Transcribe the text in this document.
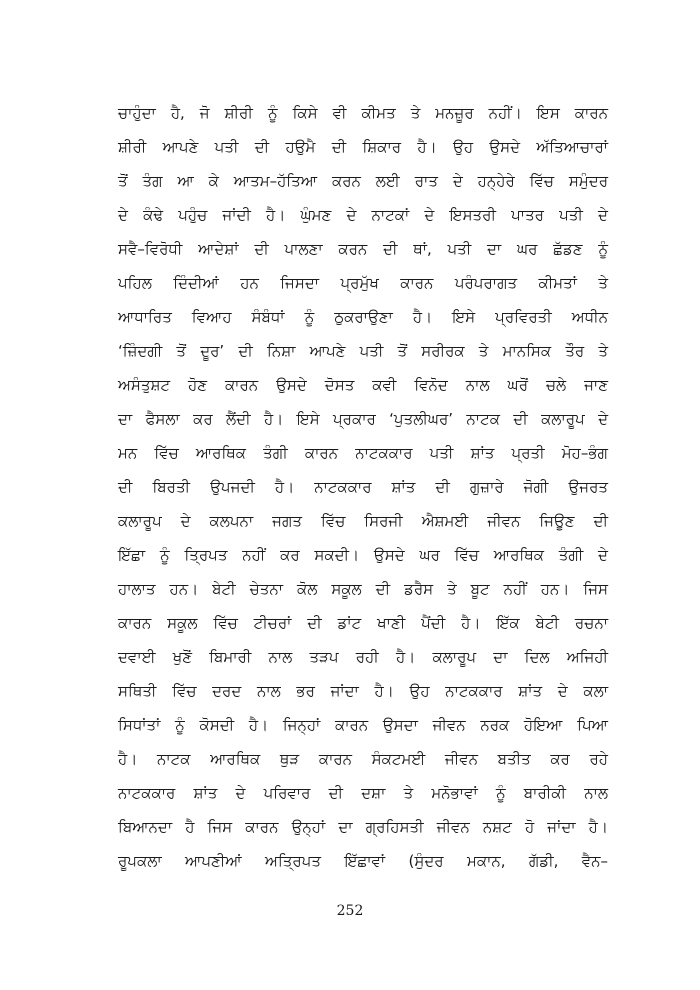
ਚਾਹੁੰਦਾ ਹੈ, ਜੋ ਸ਼ੀਰੀ ਨੂੰ ਕਿਸੇ ਵੀ ਕੀਮਤ ਤੇ ਮਨਜ਼ੂਰ ਨਹੀਂ। ਇਸ ਕਾਰਨ
ਸ਼ੀਰੀ ਆਪਣੇ ਪਤੀ ਦੀ ਹਉਮੈ ਦੀ ਸ਼ਿਕਾਰ ਹੈ। ਉਹ ਉਸਦੇ ਅੱਤਿਆਚਾਰਾਂ
ਤੋਂ ਤੰਗ ਆ ਕੇ ਆਤਮ–ਹੱਤਿਆ ਕਰਨ ਲਈ ਰਾਤ ਦੇ ਹਨ੍ਹੇਰੇ ਵਿੱਚ ਸਮੁੰਦਰ
ਦੇ ਕੰਢੇ ਪਹੁੰਚ ਜਾਂਦੀ ਹੈ। ਘੁੰਮਣ ਦੇ ਨਾਟਕਾਂ ਦੇ ਇਸਤਰੀ ਪਾਤਰ ਪਤੀ ਦੇ
ਸਵੈ–ਵਿਰੋਧੀ ਆਦੇਸ਼ਾਂ ਦੀ ਪਾਲਣਾ ਕਰਨ ਦੀ ਥਾਂ, ਪਤੀ ਦਾ ਘਰ ਛੱਡਣ ਨੂੰ
ਪਹਿਲ ਦਿੰਦੀਆਂ ਹਨ ਜਿਸਦਾ ਪ੍ਰਮੁੱਖ ਕਾਰਨ ਪਰੰਪਰਾਗਤ ਕੀਮਤਾਂ ਤੇ
ਆਧਾਰਿਤ ਵਿਆਹ ਸੰਬੰਧਾਂ ਨੂੰ ਠੁਕਰਾਉਣਾ ਹੈ। ਇਸੇ ਪ੍ਰਵਿਰਤੀ ਅਧੀਨ
‘ਜ਼ਿੰਦਗੀ ਤੋਂ ਦੂਰ’ ਦੀ ਨਿਸ਼ਾ ਆਪਣੇ ਪਤੀ ਤੋਂ ਸਰੀਰਕ ਤੇ ਮਾਨਸਿਕ ਤੌਰ ਤੇ
ਅਸੰਤੁਸ਼ਟ ਹੋਣ ਕਾਰਨ ਉਸਦੇ ਦੋਸਤ ਕਵੀ ਵਿਨੋਦ ਨਾਲ ਘਰੋਂ ਚਲੇ ਜਾਣ
ਦਾ ਫੈਸਲਾ ਕਰ ਲੈਂਦੀ ਹੈ। ਇਸੇ ਪ੍ਰਕਾਰ ‘ਪੁਤਲੀਘਰ’ ਨਾਟਕ ਦੀ ਕਲਾਰੂਪ ਦੇ
ਮਨ ਵਿੱਚ ਆਰਥਿਕ ਤੰਗੀ ਕਾਰਨ ਨਾਟਕਕਾਰ ਪਤੀ ਸ਼ਾਂਤ ਪ੍ਰਤੀ ਮੋਹ–ਭੰਗ
ਦੀ ਬਿਰਤੀ ਉਪਜਦੀ ਹੈ। ਨਾਟਕਕਾਰ ਸ਼ਾਂਤ ਦੀ ਗੁਜ਼ਾਰੇ ਜੋਗੀ ਉਜਰਤ
ਕਲਾਰੂਪ ਦੇ ਕਲਪਨਾ ਜਗਤ ਵਿੱਚ ਸਿਰਜੀ ਐਸ਼ਮਈ ਜੀਵਨ ਜਿਊਣ ਦੀ
ਇੱਛਾ ਨੂੰ ਤ੍ਰਿਪਤ ਨਹੀਂ ਕਰ ਸਕਦੀ। ਉਸਦੇ ਘਰ ਵਿੱਚ ਆਰਥਿਕ ਤੰਗੀ ਦੇ
ਹਾਲਾਤ ਹਨ। ਬੇਟੀ ਚੇਤਨਾ ਕੋਲ ਸਕੂਲ ਦੀ ਡਰੈਸ ਤੇ ਬੂਟ ਨਹੀਂ ਹਨ। ਜਿਸ
ਕਾਰਨ ਸਕੂਲ ਵਿੱਚ ਟੀਚਰਾਂ ਦੀ ਡਾਂਟ ਖਾਣੀ ਪੈਂਦੀ ਹੈ। ਇੱਕ ਬੇਟੀ ਰਚਨਾ
ਦਵਾਈ ਖੁਣੋਂ ਬਿਮਾਰੀ ਨਾਲ ਤੜਪ ਰਹੀ ਹੈ। ਕਲਾਰੂਪ ਦਾ ਦਿਲ ਅਜਿਹੀ
ਸਥਿਤੀ ਵਿੱਚ ਦਰਦ ਨਾਲ ਭਰ ਜਾਂਦਾ ਹੈ। ਉਹ ਨਾਟਕਕਾਰ ਸ਼ਾਂਤ ਦੇ ਕਲਾ
ਸਿਧਾਂਤਾਂ ਨੂੰ ਕੋਸਦੀ ਹੈ। ਜਿਨ੍ਹਾਂ ਕਾਰਨ ਉਸਦਾ ਜੀਵਨ ਨਰਕ ਹੋਇਆ ਪਿਆ
ਹੈ। ਨਾਟਕ ਆਰਥਿਕ ਥੁੜ ਕਾਰਨ ਸੰਕਟਮਈ ਜੀਵਨ ਬਤੀਤ ਕਰ ਰਹੇ
ਨਾਟਕਕਾਰ ਸ਼ਾਂਤ ਦੇ ਪਰਿਵਾਰ ਦੀ ਦਸ਼ਾ ਤੇ ਮਨੋਭਾਵਾਂ ਨੂੰ ਬਾਰੀਕੀ ਨਾਲ
ਬਿਆਨਦਾ ਹੈ ਜਿਸ ਕਾਰਨ ਉਨ੍ਹਾਂ ਦਾ ਗ੍ਰਹਿਸਤੀ ਜੀਵਨ ਨਸ਼ਟ ਹੋ ਜਾਂਦਾ ਹੈ।
ਰੂਪਕਲਾ ਆਪਣੀਆਂ ਅਤ੍ਰਿਪਤ ਇੱਛਾਵਾਂ (ਸੁੰਦਰ ਮਕਾਨ, ਗੱਡੀ, ਵੈਨ–
252
